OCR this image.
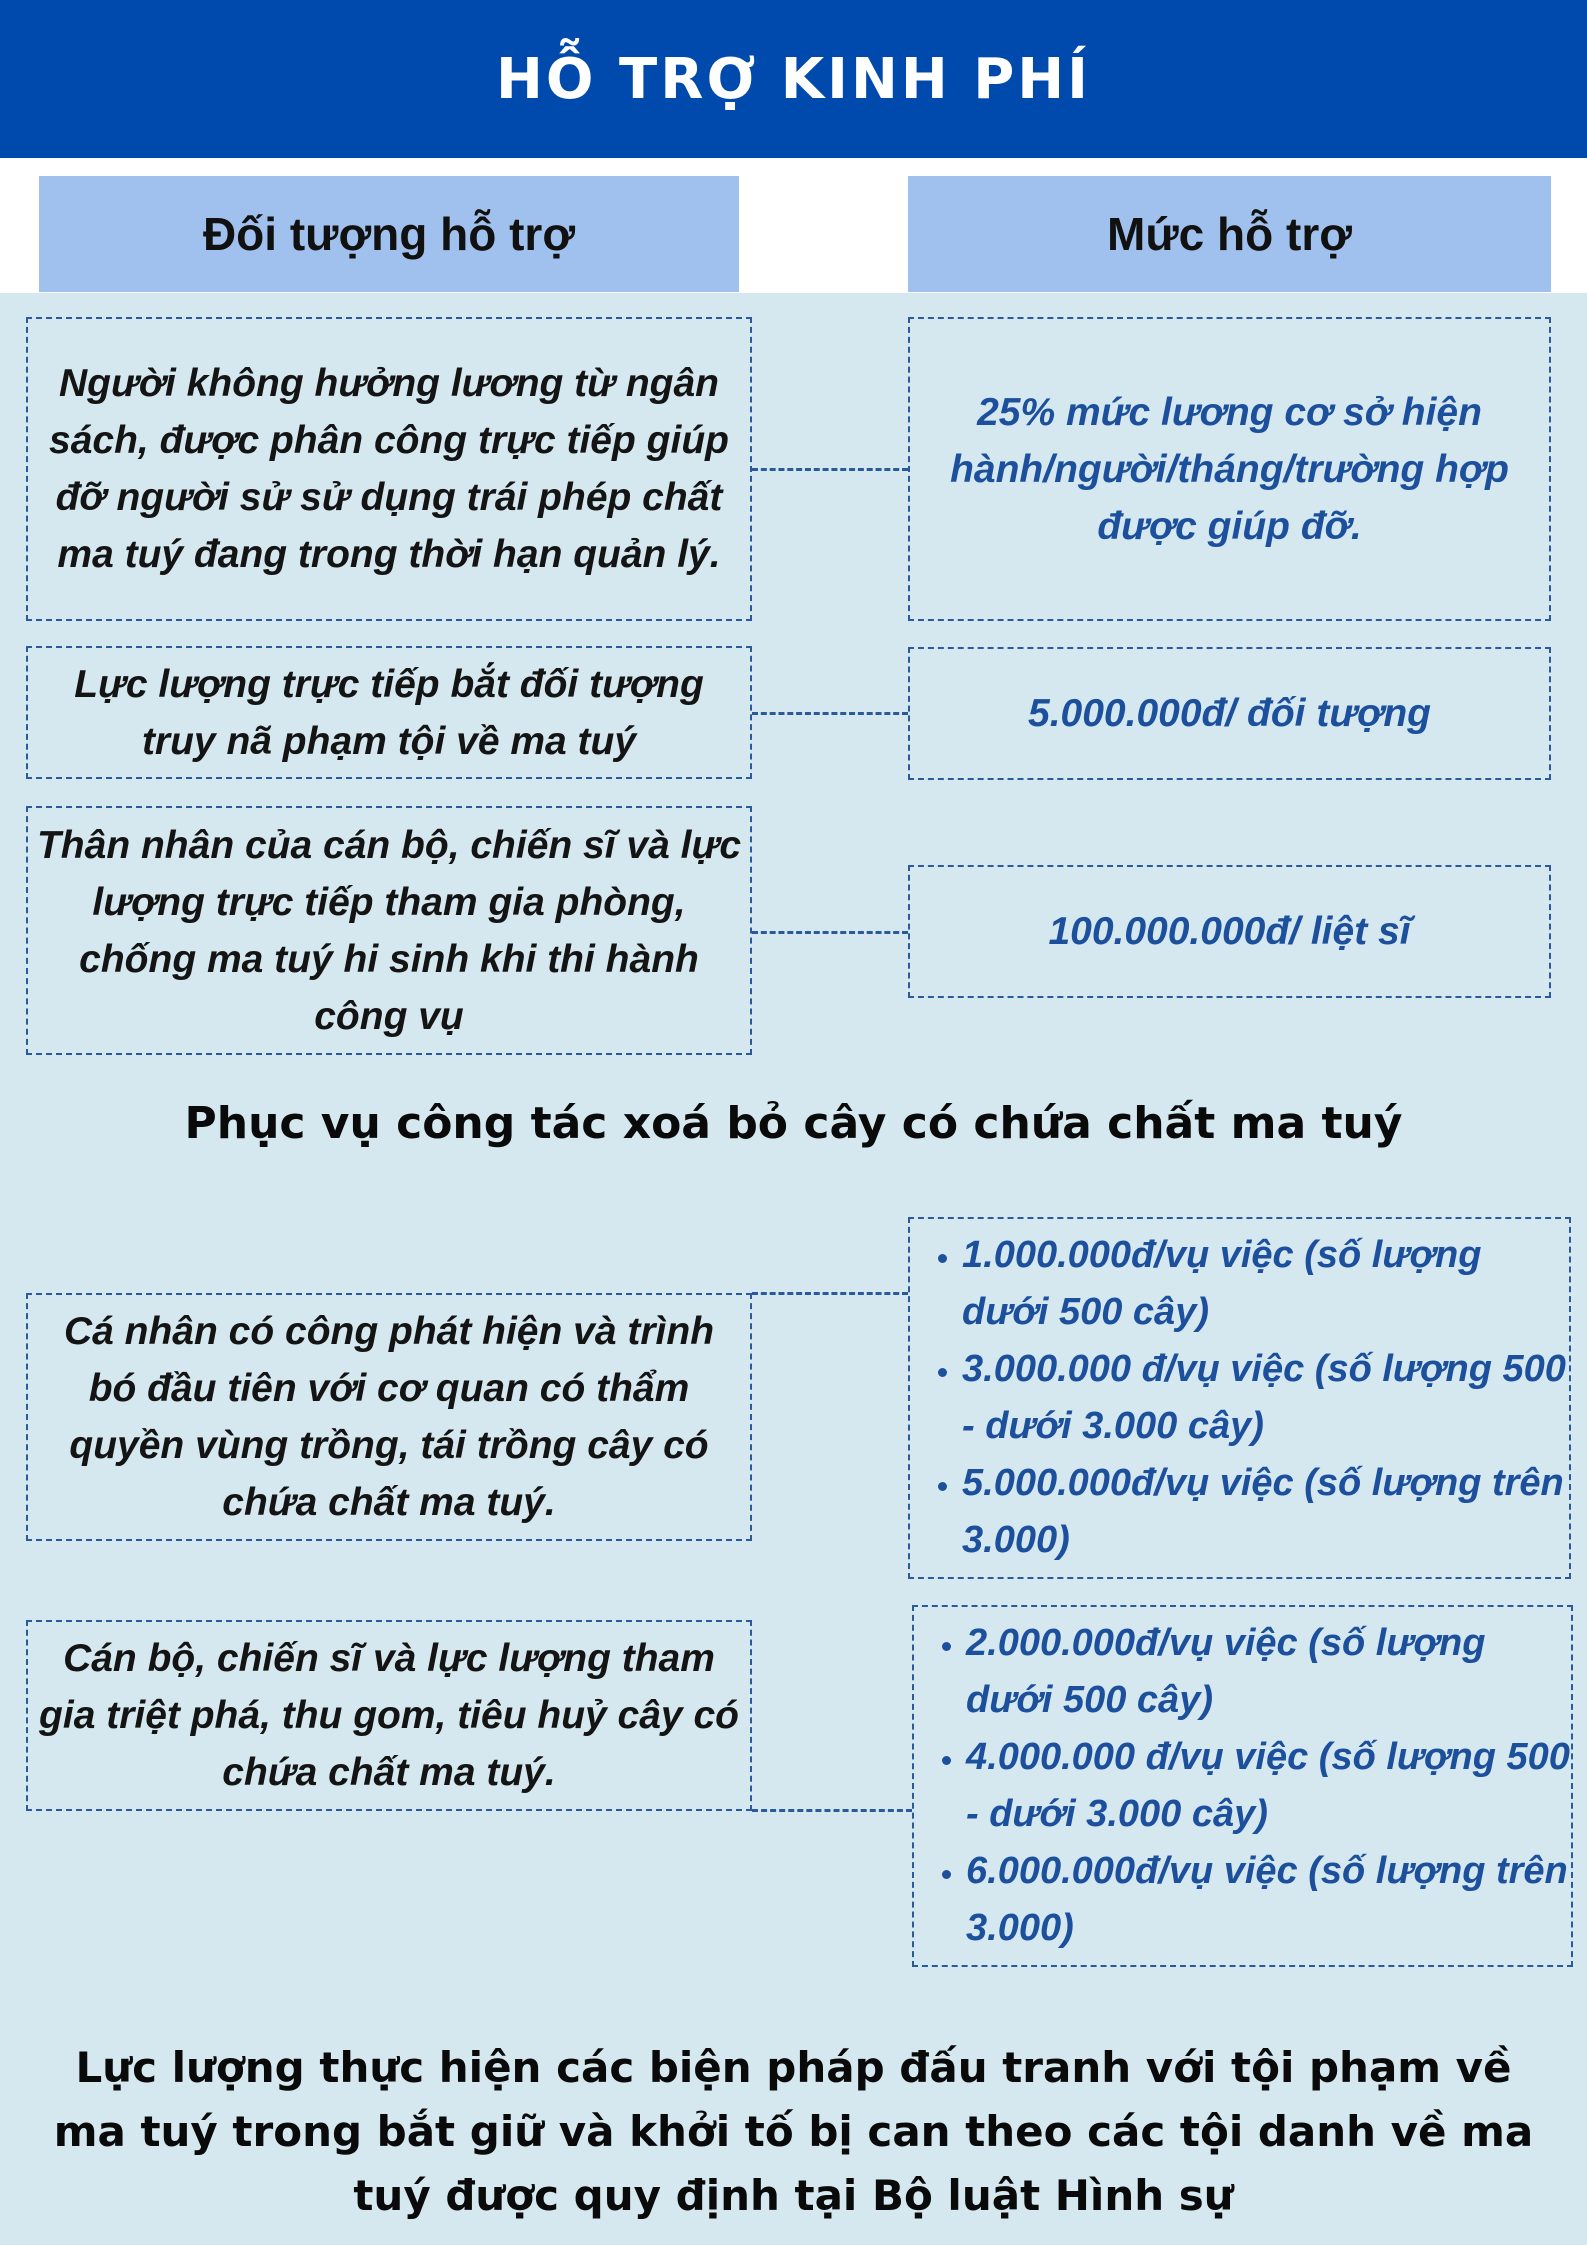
HỖ TRỢ KINH PHÍ
Đối tượng hỗ trợ	Mức hỗ trợ
Người không hưởng lương từ ngân sách, được phân công trực tiếp giúp đỡ người sử sử dụng trái phép chất ma tuý đang trong thời hạn quản lý.
25% mức lương cơ sở hiện hành/người/tháng/trường hợp được giúp đỡ.
Lực lượng trực tiếp bắt đối tượng truy nã phạm tội về ma tuý
5.000.000đ/ đối tượng
Thân nhân của cán bộ, chiến sĩ và lực lượng trực tiếp tham gia phòng, chống ma tuý hi sinh khi thi hành công vụ
100.000.000đ/ liệt sĩ
Phục vụ công tác xoá bỏ cây có chứa chất ma tuý
Cá nhân có công phát hiện và trình bó đầu tiên với cơ quan có thẩm quyền vùng trồng, tái trồng cây có chứa chất ma tuý.
• 1.000.000đ/vụ việc (số lượng dưới 500 cây)
• 3.000.000 đ/vụ việc (số lượng 500 - dưới 3.000 cây)
• 5.000.000đ/vụ việc (số lượng trên 3.000)
Cán bộ, chiến sĩ và lực lượng tham gia triệt phá, thu gom, tiêu huỷ cây có chứa chất ma tuý.
• 2.000.000đ/vụ việc (số lượng dưới 500 cây)
• 4.000.000 đ/vụ việc (số lượng 500 - dưới 3.000 cây)
• 6.000.000đ/vụ việc (số lượng trên 3.000)
Lực lượng thực hiện các biện pháp đấu tranh với tội phạm về ma tuý trong bắt giữ và khởi tố bị can theo các tội danh về ma tuý được quy định tại Bộ luật Hình sự
